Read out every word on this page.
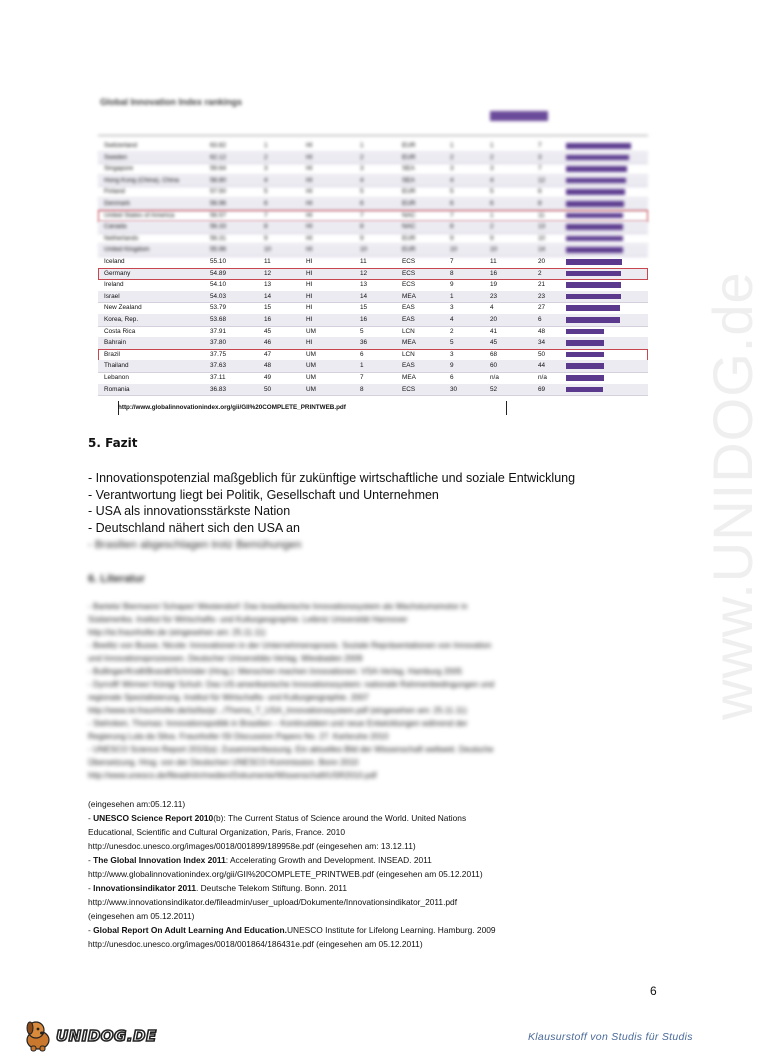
www.UNIDOG.de
Global Innovation Index rankings
Switzerland	63.82	1	HI	1	EUR	1	1	7
Sweden	62.12	2	HI	2	EUR	2	2	3
Singapore	59.64	3	HI	3	SEA	3	3	7
Hong Kong (China), China	58.80	4	HI	4	SEA	4	4	12
Finland	57.50	5	HI	5	EUR	5	5	6
Denmark	56.96	6	HI	6	EUR	6	6	8
United States of America	56.57	7	HI	7	NAC	7	1	11
Canada	56.33	8	HI	8	NAC	8	2	13
Netherlands	56.31	9	HI	9	EUR	9	9	10
United Kingdom	55.96	10	HI	10	EUR	10	10	14
Iceland	55.10	11	HI	11	ECS	7	11	20
Germany	54.89	12	HI	12	ECS	8	16	2
Ireland	54.10	13	HI	13	ECS	9	19	21
Israel	54.03	14	HI	14	MEA	1	23	23
New Zealand	53.79	15	HI	15	EAS	3	4	27
Korea, Rep.	53.68	16	HI	16	EAS	4	20	6
Costa Rica	37.91	45	UM	5	LCN	2	41	48
Bahrain	37.80	46	HI	36	MEA	5	45	34
Brazil	37.75	47	UM	6	LCN	3	68	50
Thailand	37.63	48	UM	1	EAS	9	60	44
Lebanon	37.11	49	UM	7	MEA	6	n/a	n/a
Romania	36.83	50	UM	8	ECS	30	52	69
http://www.globalinnovationindex.org/gii/GII%20COMPLETE_PRINTWEB.pdf
5. Fazit
- Innovationspotenzial maßgeblich für zukünftige wirtschaftliche und soziale Entwicklung
- Verantwortung liegt bei Politik, Gesellschaft und Unternehmen
- USA als innovationsstärkste Nation
- Deutschland nähert sich den USA an
- Brasilien abgeschlagen trotz Bemühungen
6. Literatur
- Bartels/ Biermann/ Schaper/ Westendorf: Das brasilianische Innovationssystem als Wachstumsmotor in
Südamerika. Institut für Wirtschafts- und Kulturgeographie. Leibniz Universität Hannover
http://isi.fraunhofer.de (eingesehen am: 25.11.11)
- Beelitz von Busse, Nicole: Innovationen in der Unternehmenspraxis. Soziale Repräsentationen von Innovation
und Innovationsprozessen. Deutscher Universitäts-Verlag. Wiesbaden 2009
- Bullinger/Kraft/Brandt/Schröder (Hrsg.): Menschen machen Innovationen. VSA-Verlag. Hamburg 2005
- Dyrroff/ Wirmer/ König/ Schuh: Das US-amerikanische Innovationssystem: nationale Rahmenbedingungen und
regionale Spezialisierung. Institut für Wirtschafts- und Kulturgeographie. 2007
http://www.isi.fraunhofer.de/isi/bs/p/.../Thema_T_USA_Innovationssystem.pdf (eingesehen am: 25.11.11)
- Stehnken, Thomas: Innovationspolitik in Brasilien – Kontinuitäten und neue Entwicklungen während der
Regierung Lula da Silva. Fraunhofer ISI Discussion Papers No. 27. Karlsruhe 2010
- UNESCO Science Report 2010(a): Zusammenfassung. Ein aktuelles Bild der Wissenschaft weltweit. Deutsche
Übersetzung. Hrsg. von der Deutschen UNESCO-Kommission. Bonn 2010
http://www.unesco.de/fileadmin/medien/Dokumente/Wissenschaft/USR2010.pdf

(eingesehen am:05.12.11)

- UNESCO Science Report 2010(b): The Current Status of Science around the World. United Nations

Educational, Scientific and Cultural Organization, Paris, France. 2010

http://unesdoc.unesco.org/images/0018/001899/189958e.pdf (eingesehen am: 13.12.11)

- The Global Innovation Index 2011: Accelerating Growth and Development. INSEAD. 2011

http://www.globalinnovationindex.org/gii/GII%20COMPLETE_PRINTWEB.pdf (eingesehen am 05.12.2011)

- Innovationsindikator 2011. Deutsche Telekom Stiftung. Bonn. 2011

http://www.innovationsindikator.de/fileadmin/user_upload/Dokumente/Innovationsindikator_2011.pdf

(eingesehen am 05.12.2011)

- Global Report On Adult Learning And Education.UNESCO Institute for Lifelong Learning. Hamburg. 2009

http://unesdoc.unesco.org/images/0018/001864/186431e.pdf (eingesehen am 05.12.2011)

6
UNIDOG.DE	Klausurstoff von Studis für Studis
